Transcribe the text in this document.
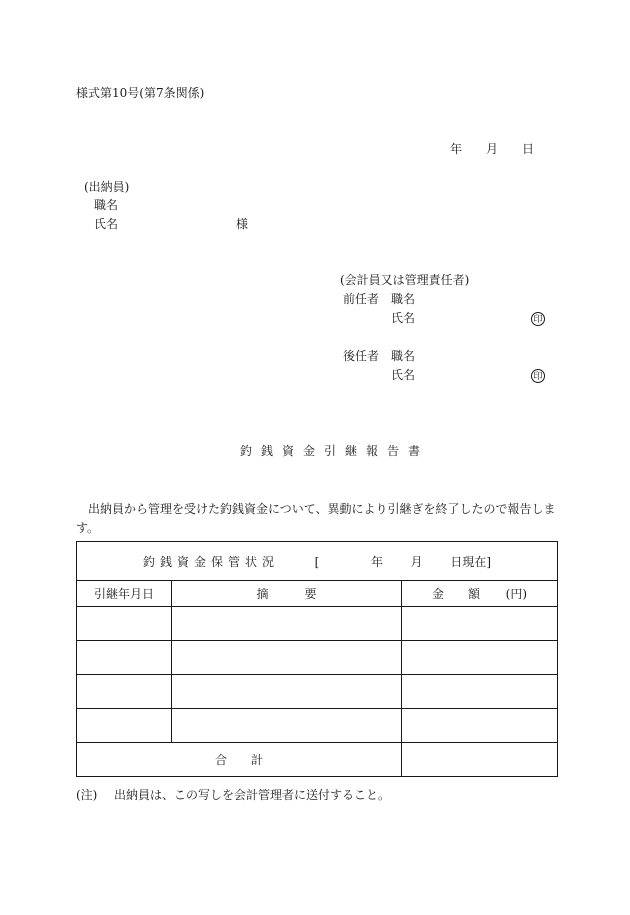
様式第10号(第7条関係)
年 月 日
(出納員)
職名
氏名	様
(会計員又は管理責任者)
前任者 職名
氏名	印
後任者 職名
氏名	印
釣銭資金引継報告書
出納員から管理を受けた釣銭資金について、異動により引継ぎを終了したので報告します。
釣銭資金保管状況 [ 年 月 日現在]		
引継年月日	摘　　　要	金　　額 (円)

合　　計		
(注) 出納員は、この写しを会計管理者に送付すること。
